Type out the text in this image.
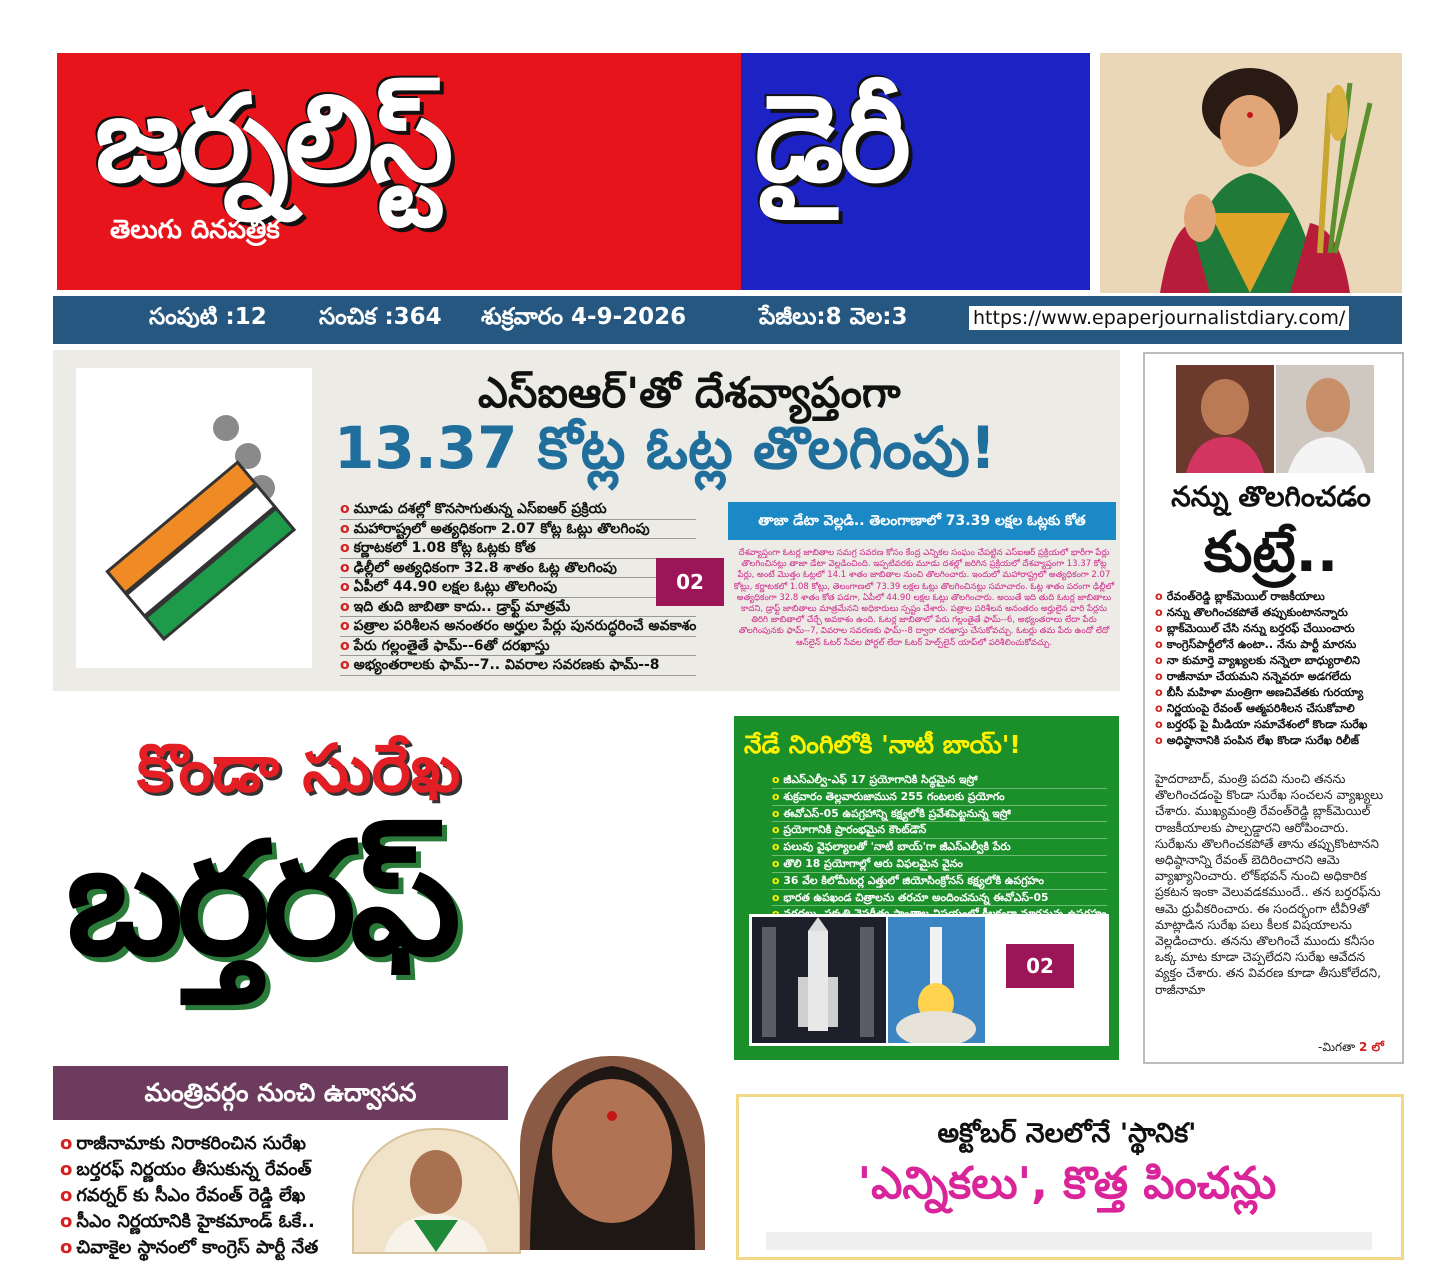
జర్నలిస్ట్	డైరీ
తెలుగు దినపత్రిక
సంపుటి :12 సంచిక :364 శుక్రవారం 4-9-2026	పేజీలు:8 వెల:3	https://www.epaperjournalistdiary.com/
ఎస్ఐఆర్'తో దేశవ్యాప్తంగా
13.37 కోట్ల ఓట్ల తొలగింపు!
o మూడు దశల్లో కొనసాగుతున్న ఎస్ఐఆర్ ప్రక్రియ
o మహారాష్ట్రలో అత్యధికంగా 2.07 కోట్ల ఓట్లు తొలగింపు
o కర్ణాటకలో 1.08 కోట్ల ఓట్లకు కోత
o ఢిల్లీలో అత్యధికంగా 32.8 శాతం ఓట్ల తొలగింపు
o ఏపీలో 44.90 లక్షల ఓట్లు తొలగింపు
o ఇది తుది జాబితా కాదు.. డ్రాఫ్ట్ మాత్రమే
o పత్రాల పరిశీలన అనంతరం అర్హుల పేర్లు పునరుద్ధరించే అవకాశం
o పేరు గల్లంతైతే ఫామ్--6తో దరఖాస్తు
o అభ్యంతరాలకు ఫామ్--7.. వివరాల సవరణకు ఫామ్--8
02
తాజా డేటా వెల్లడి.. తెలంగాణాలో 73.39 లక్షల ఓట్లకు కోత
దేశవ్యాప్తంగా ఓటర్ల జాబితాల సమగ్ర సవరణ కోసం కేంద్ర ఎన్నికల సంఘం చేపట్టిన ఎస్ఐఆర్ ప్రక్రియలో భారీగా పేర్లు తొలగించినట్లు తాజా డేటా వెల్లడించింది. ఇప్పటివరకు మూడు దశల్లో జరిగిన ప్రక్రియలో దేశవ్యాప్తంగా 13.37 కోట్ల పేర్లు, అంటే మొత్తం ఓట్లలో 14.1 శాతం జాబితాల నుంచి తొలగించారు. ఇందులో మహారాష్ట్రలో అత్యధికంగా 2.07 కోట్లు, కర్ణాటకలో 1.08 కోట్లు, తెలంగాణలో 73.39 లక్షల ఓట్లు తొలగించినట్లు సమాచారం. ఓట్ల శాతం పరంగా ఢిల్లీలో అత్యధికంగా 32.8 శాతం కోత పడగా, ఏపీలో 44.90 లక్షల ఓట్లు తొలగించారు. అయితే ఇది తుది ఓటర్ల జాబితాలు కాదని, డ్రాఫ్ట్ జాబితాలు మాత్రమేనని అధికారులు స్పష్టం చేశారు. పత్రాల పరిశీలన అనంతరం అర్హులైన వారి పేర్లను తిరిగి జాబితాలో చేర్చే అవకాశం ఉంది. ఓటర్ల జాబితాలో పేరు గల్లంతైతే ఫామ్--6, అభ్యంతరాలు లేదా పేరు తొలగింపునకు ఫామ్--7, వివరాల సవరణకు ఫామ్--8 ద్వారా దరఖాస్తు చేసుకోవచ్చు. ఓటర్లు తమ పేరు ఉందో లేదో ఆన్‌లైన్ ఓటర్ సేవల పోర్టల్ లేదా ఓటర్ హెల్ప్‌లైన్ యాప్‌లో పరిశీలించుకోవచ్చు.
నన్ను తొలగించడం
కుట్రే..
o రేవంత్‌రెడ్డి బ్లాక్‌మెయిల్ రాజకీయాలు
o నన్ను తొలగించకపోతే తప్పుకుంటానన్నారు
o బ్లాక్‌మెయిల్ చేసి నన్ను బర్తరఫ్ చేయించారు
o కాంగ్రెస్‌పార్టీలోనే ఉంటా.. నేను పార్టీ మారను
o నా కుమార్తె వ్యాఖ్యలకు నన్నెలా బాధ్యురాలిని
o రాజీనామా చేయమని నన్నెవరూ అడగలేదు
o బీసీ మహిళా మంత్రిగా అణచివేతకు గురయ్యా
o నిర్ణయంపై రేవంత్ ఆత్మపరిశీలన చేసుకోవాలి
o బర్తరఫ్ పై మీడియా సమావేశంలో కొండా సురేఖ
o అధిష్ఠానానికి పంపిన లేఖ కొండా సురేఖ రిలీజ్
హైదరాబాద్, మంత్రి పదవి నుంచి తనను తొలగించడంపై కొండా సురేఖ సంచలన వ్యాఖ్యలు చేశారు. ముఖ్యమంత్రి రేవంత్‌రెడ్డి బ్లాక్‌మెయిల్ రాజకీయాలకు పాల్పడ్డారని ఆరోపించారు. సురేఖను తొలగించకపోతే తాను తప్పుకొంటానని అధిష్ఠానాన్ని రేవంత్ బెదిరించారని ఆమె వ్యాఖ్యానించారు. లోక్‌భవన్ నుంచి అధికారిక ప్రకటన ఇంకా వెలువడకముందే.. తన బర్తరఫ్‌ను ఆమె ధ్రువీకరించారు. ఈ సందర్భంగా టీవీ9తో మాట్లాడిన సురేఖ పలు కీలక విషయాలను వెల్లడించారు. తనను తొలగించే ముందు కనీసం ఒక్క మాట కూడా చెప్పలేదని సురేఖ ఆవేదన వ్యక్తం చేశారు. తన వివరణ కూడా తీసుకోలేదని, రాజీనామా
-మిగతా 2 లో
కొండా సురేఖ
బర్తరఫ్
మంత్రివర్గం నుంచి ఉద్వాసన
o రాజీనామాకు నిరాకరించిన సురేఖ
o బర్తరఫ్ నిర్ణయం తీసుకున్న రేవంత్
o గవర్నర్ కు సీఎం రేవంత్ రెడ్డి లేఖ
o సీఎం నిర్ణయానికి హైకమాండ్ ఓకే..
o చివాకైల స్థానంలో కాంగ్రెస్ పార్టీ నేత
నేడే నింగిలోకి 'నాటీ బాయ్'!
o జీఎస్ఎల్వీ-ఎఫ్ 17 ప్రయోగానికి సిద్ధమైన ఇస్రో
o శుక్రవారం తెల్లవారుజామున 255 గంటలకు ప్రయోగం
o ఈవోఎస్-05 ఉపగ్రహాన్ని కక్ష్యలోకి ప్రవేశపెట్టనున్న ఇస్రో
o ప్రయోగానికి ప్రారంభమైన కౌంట్‌డౌన్
o పలువు వైఫల్యాలతో 'నాటీ బాయ్'గా జీఎస్ఎల్వీకి పేరు
o తొలి 18 ప్రయోగాల్లో ఆరు విఫలమైన వైనం
o 36 వేల కిలోమీటర్ల ఎత్తులో జియోసింక్రోనస్ కక్ష్యలోకి ఉపగ్రహం
o భారత ఉపఖండ చిత్రాలను తరచూ అందించనున్న ఈవోఎస్-05
02
అక్టోబర్ నెలలోనే 'స్థానిక'
'ఎన్నికలు', కొత్త పించన్లు
